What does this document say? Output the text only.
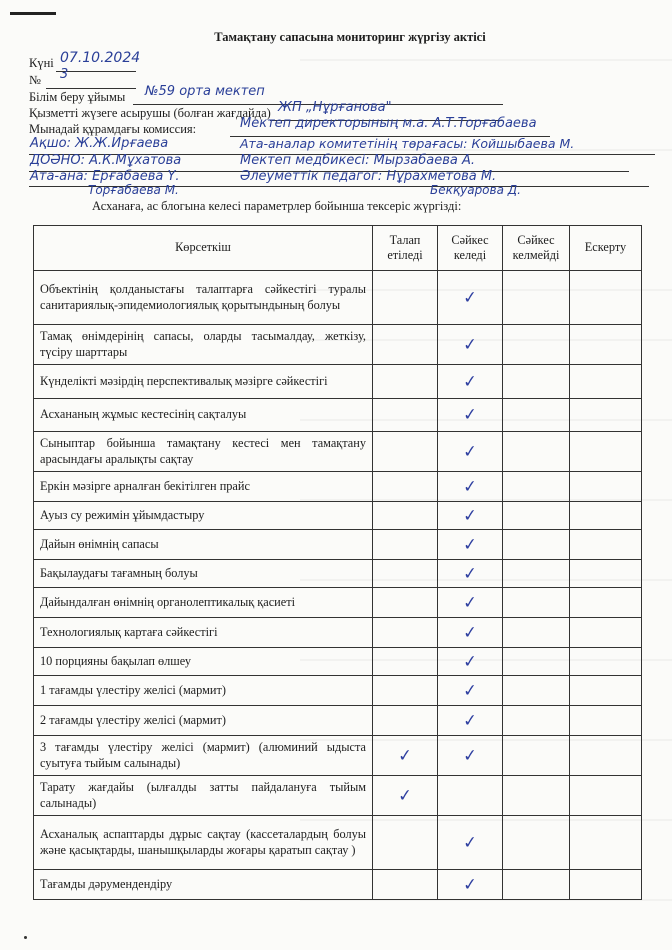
Тамақтану сапасына мониторинг жүргізу актісі
Күні 07.10.2024
№ 3
Білім беру ұйымы №59 орта мектеп
Қызметті жүзеге асырушы (болған жағдайда) ЖП „Нұрғанова"
Мынадай құрамдағы комиссия:	Мектеп директорының м.а. А.Т.Торғабаева
Ақшо: Ж.Ж.Ирғаева	Ата-аналар комитетінің төрағасы: Койшыбаева М.
ДОӘНО: А.К.Мұхатова	Мектеп медбикесі: Мырзабаева А.
Ата-ана: Ерғабаева Ү.	Әлеуметтік педагог: Нұрахметова М.
Торғабаева М.	Бекқуарова Д.
Асханаға, ас блогына келесі параметрлер бойынша тексеріс жүргізді:
Көрсеткіш	Талап етіледі	Сәйкес келеді	Сәйкес келмейді	Ескерту
Объектінің қолданыстағы талаптарға сәйкестігі туралы санитариялық-эпидемиологиялық қорытындының болуы		✓		
Тамақ өнімдерінің сапасы, оларды тасымалдау, жеткізу, түсіру шарттары		✓		
Күнделікті мәзірдің перспективалық мәзірге сәйкестігі		✓		
Асхананың жұмыс кестесінің сақталуы		✓		
Сыныптар бойынша тамақтану кестесі мен тамақтану арасындағы аралықты сақтау		✓		
Еркін мәзірге арналған бекітілген прайс		✓		
Ауыз су режимін ұйымдастыру		✓		
Дайын өнімнің сапасы		✓		
Бақылаудағы тағамның болуы		✓		
Дайындалған өнімнің органолептикалық қасиеті		✓		
Технологиялық картаға сәйкестігі		✓		
10 порцияны бақылап өлшеу		✓		
1 тағамды үлестіру желісі (мармит)		✓		
2 тағамды үлестіру желісі (мармит)		✓		
3 тағамды үлестіру желісі (мармит) (алюминий ыдыста суытуға тыйым салынады)	✓	✓		
Тарату жағдайы (ылғалды затты пайдалануға тыйым салынады)	✓			
Асханалық аспаптарды дұрыс сақтау (кассеталардың болуы және қасықтарды, шанышқыларды жоғары қаратып сақтау )		✓		
Тағамды дәрумендендіру		✓		
